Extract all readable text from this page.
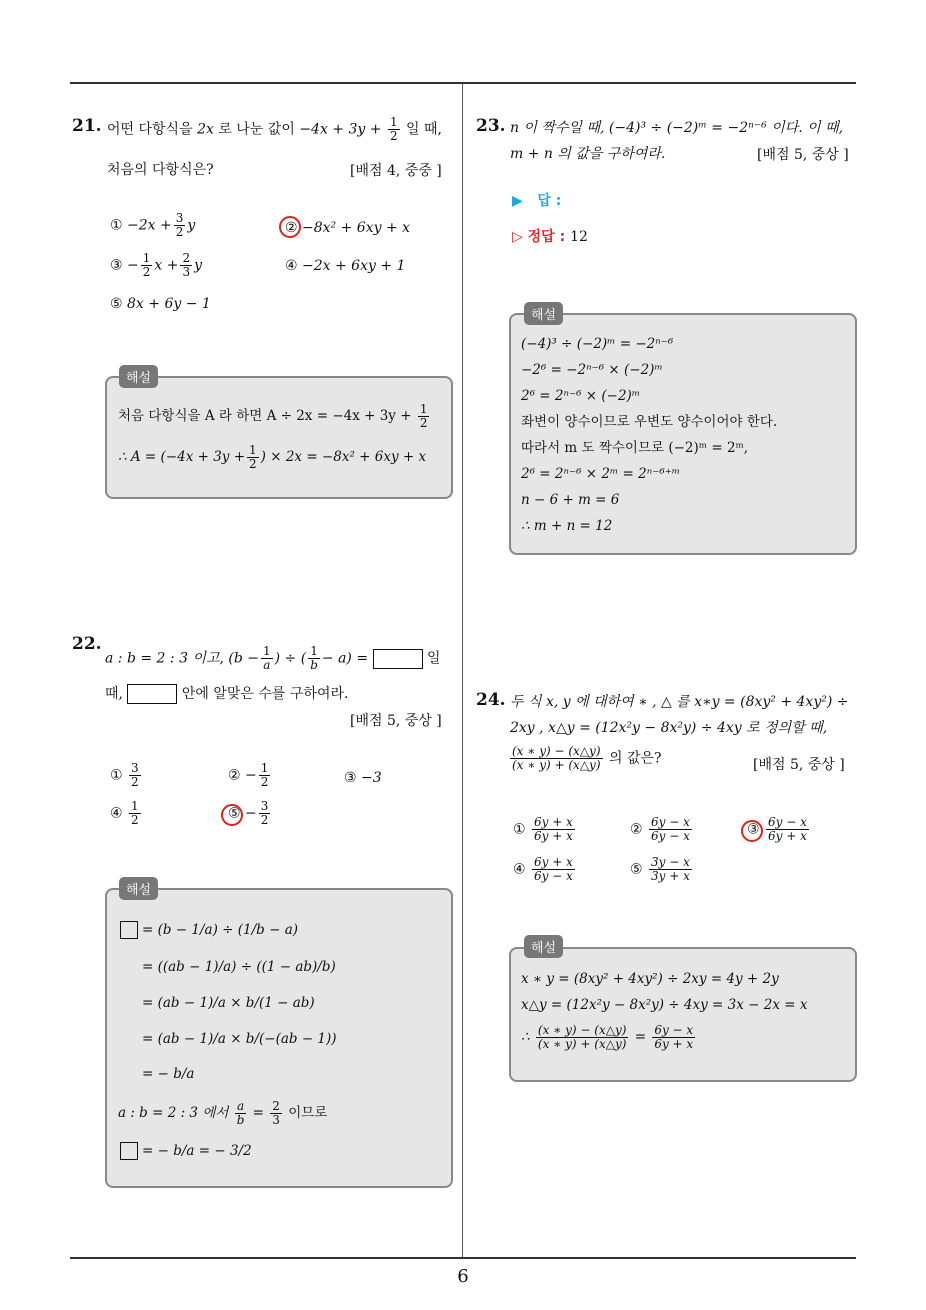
6
21. 어떤 다항식을 2x 로 나눈 값이 $-4x + 3y + \frac{1}{2}$ 일 때,
처음의 다항식은?	[배점 4, 중중 ]
① $-2x + \frac{3}{2}$ y	② −8x² + 6xy + x
③ − $\frac{1}{2}$ $x + \frac{2}{3}$ y	④ −2x + 6xy + 1
⑤ 8x + 6y − 1
해설
처음 다항식을 A 라 하면 $A \div 2x = -4x + 3y + \frac{1}{2}$
∴ $A = (-4x + 3y + \frac{1}{2}$ ) × 2x = −8x² + 6xy + x
22.
a : b = 2 : 3 이고, ($b - \frac{1}{a}$ ) ÷ ( $\frac{1}{b} - a$) =	일
때,	안에 알맞은 수를 구하여라.
[배점 5, 중상 ]
① $\frac{3}{2}$	② − $\frac{1}{2}$	③ −3
④ $\frac{1}{2}$	⑤ − $\frac{3}{2}$
해설
= (b − 1/a) ÷ (1/b − a)
= ((ab − 1)/a) ÷ ((1 − ab)/b)
= (ab − 1)/a × b/(1 − ab)
= (ab − 1)/a × b/(−(ab − 1))
= − b/a
a : b = 2 : 3 에서 $\frac{a}{b} = \frac{2}{3}$ 이므로
= − b/a = − 3/2
23. n 이 짝수일 때, (−4)³ ÷ (−2)ᵐ = −2ⁿ⁻⁶ 이다. 이 때,
m + n 의 값을 구하여라.	[배점 5, 중상 ]
▶ 답 :
▷ 정답 : 12
해설
(−4)³ ÷ (−2)ᵐ = −2ⁿ⁻⁶
−2⁶ = −2ⁿ⁻⁶ × (−2)ᵐ
2⁶ = 2ⁿ⁻⁶ × (−2)ᵐ
좌변이 양수이므로 우변도 양수이어야 한다.
따라서 m 도 짝수이므로 (−2)ᵐ = 2ᵐ,
2⁶ = 2ⁿ⁻⁶ × 2ᵐ = 2ⁿ⁻⁶⁺ᵐ
n − 6 + m = 6
∴ m + n = 12
24. 두 식 x, y 에 대하여 ∗ , △ 를 x∗y = (8xy² + 4xy²) ÷
2xy , x△y = (12x²y − 8x²y) ÷ 4xy 로 정의할 때,
$\frac{(x ∗ y) - (x\triangle y)}{(x ∗ y) + (x\triangle y)}$ 의 값은?	[배점 5, 중상 ]
① $\frac{6y + x}{6y + x}$	② $\frac{6y - x}{6y - x}$	③ $\frac{6y - x}{6y + x}$
④ $\frac{6y + x}{6y - x}$	⑤ $\frac{3y - x}{3y + x}$
해설
x ∗ y = (8xy² + 4xy²) ÷ 2xy = 4y + 2y
x△y = (12x²y − 8x²y) ÷ 4xy = 3x − 2x = x
∴ $\frac{(x ∗ y) - (x\triangle y)}{(x ∗ y) + (x\triangle y)} = \frac{6y - x}{6y + x}$
